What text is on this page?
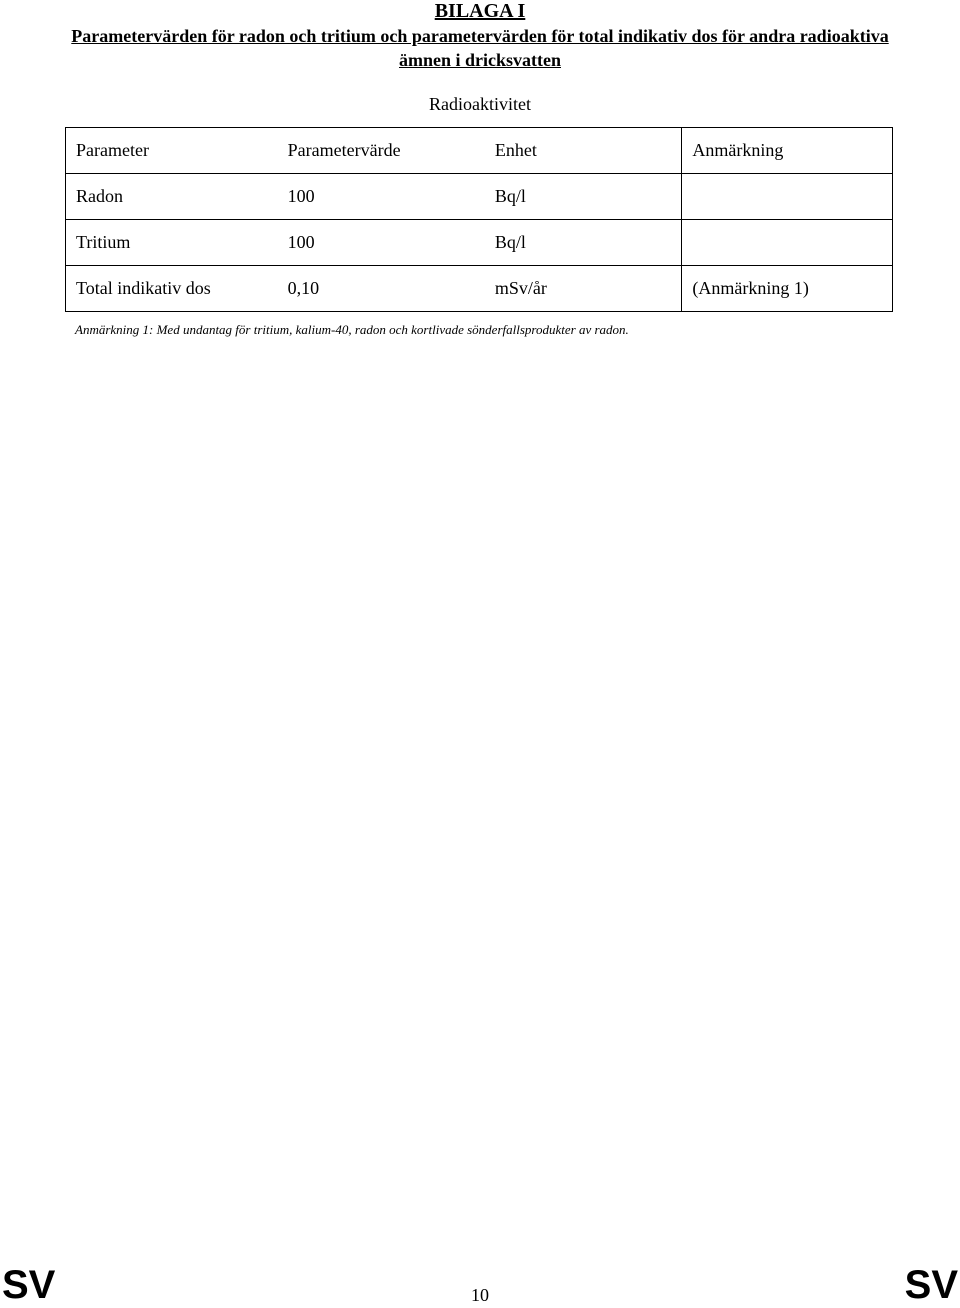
BILAGA I
Parametervärden för radon och tritium och parametervärden för total indikativ dos för andra radioaktiva ämnen i dricksvatten
Radioaktivitet
Parameter	Parametervärde	Enhet	Anmärkning
Radon	100	Bq/l	
Tritium	100	Bq/l	
Total indikativ dos	0,10	mSv/år	(Anmärkning 1)
Anmärkning 1: Med undantag för tritium, kalium-40, radon och kortlivade sönderfallsprodukter av radon.
SV	10	SV
